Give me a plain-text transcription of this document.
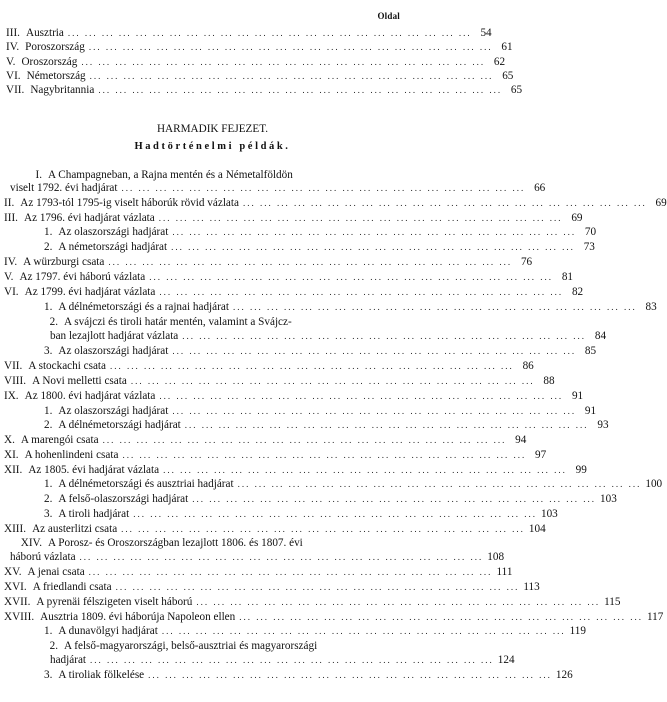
Oldal
III. Ausztria ... .	54
IV. Poroszország ... .	61
V. Oroszország ... .	62
VI. Németország ... .	65
VII. Nagybritannia ... .	65
HARMADIK FEJEZET.
Hadtörténelmi példák.
I. A Champagneban, a Rajna mentén és a Németalföldön
viselt 1792. évi hadjárat ... .	66
II. Az 1793-tól 1795-ig viselt háborúk rövid vázlata ... .	69
III. Az 1796. évi hadjárat vázlata ... .	69
1. Az olaszországi hadjárat ... .	70
2. A németországi hadjárat ... .	73
IV. A würzburgi csata ... .	76
V. Az 1797. évi háború vázlata ... .	81
VI. Az 1799. évi hadjárat vázlata ... .	82
1. A délnémetországi és a rajnai hadjárat ... .	83
2. A svájczi és tiroli határ mentén, valamint a Svájcz-
ban lezajlott hadjárat vázlata ... .	84
3. Az olaszországi hadjárat ... .	85
VII. A stockachi csata ... .	86
VIII. A Novi melletti csata ... .	88
IX. Az 1800. évi hadjárat vázlata ... .	91
1. Az olaszországi hadjárat ... .	91
2. A délnémetországi hadjárat ... .	93
X. A marengói csata ... .	94
XI. A hohenlindeni csata ... .	97
XII. Az 1805. évi hadjárat vázlata ... .	99
1. A délnémetországi és ausztriai hadjárat ... .	100
2. A felső-olaszországi hadjárat ... .	103
3. A tiroli hadjárat ... .	103
XIII. Az austerlitzi csata ... .	104
XIV. A Porosz- és Oroszországban lezajlott 1806. és 1807. évi
háború vázlata ... .	108
XV. A jenai csata ... .	111
XVI. A friedlandi csata ... .	113
XVII. A pyrenäi félszigeten viselt háború ... .	115
XVIII. Ausztria 1809. évi háborúja Napoleon ellen ... .	117
1. A dunavölgyi hadjárat ... .	119
2. A felső-magyarországi, belső-ausztriai és magyarországi
hadjárat ... .	124
3. A tiroliak fölkelése ... .	126
